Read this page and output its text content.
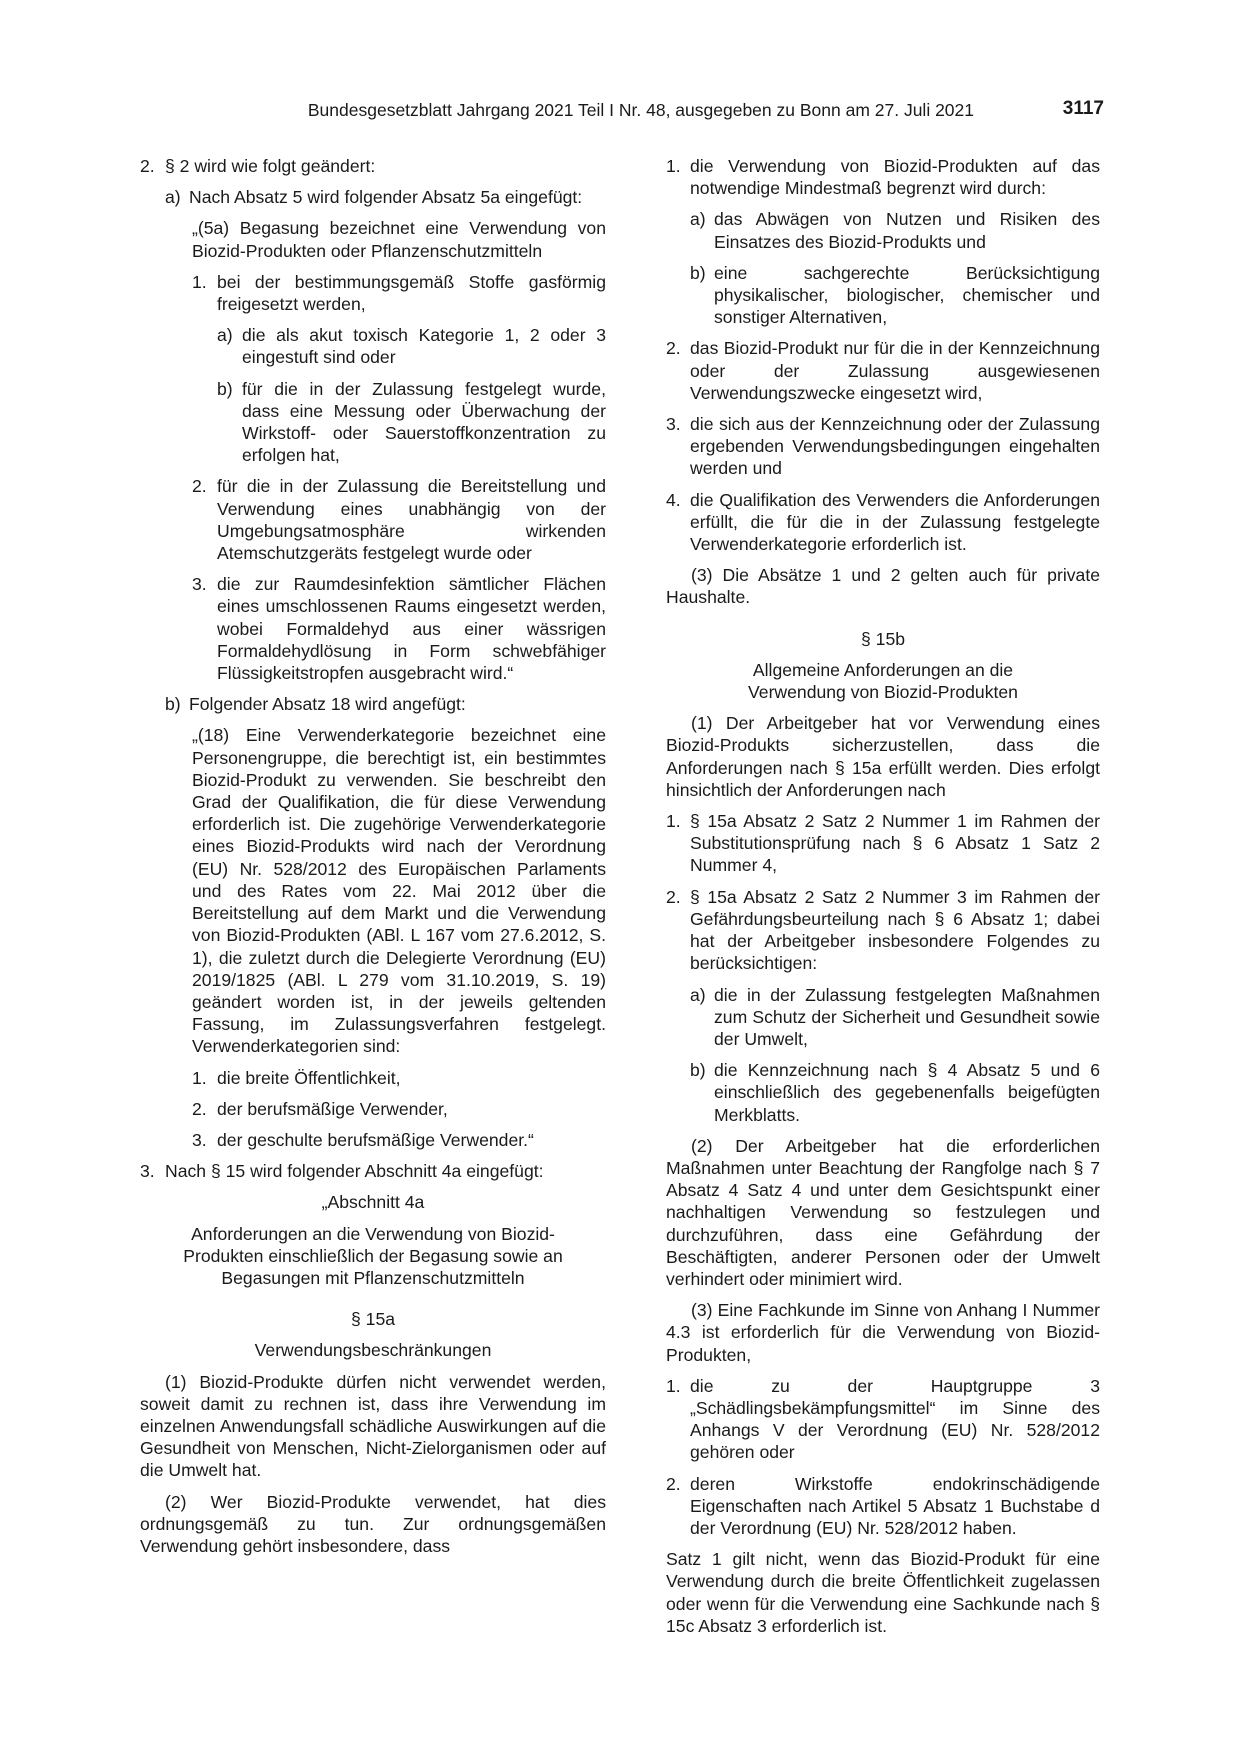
Bundesgesetzblatt Jahrgang 2021 Teil I Nr. 48, ausgegeben zu Bonn am 27. Juli 2021	3117
2. § 2 wird wie folgt geändert:
a) Nach Absatz 5 wird folgender Absatz 5a eingefügt:
„(5a) Begasung bezeichnet eine Verwendung von Biozid-Produkten oder Pflanzenschutzmitteln
1. bei der bestimmungsgemäß Stoffe gasförmig freigesetzt werden,
a) die als akut toxisch Kategorie 1, 2 oder 3 eingestuft sind oder
b) für die in der Zulassung festgelegt wurde, dass eine Messung oder Überwachung der Wirkstoff- oder Sauerstoffkonzentration zu erfolgen hat,
2. für die in der Zulassung die Bereitstellung und Verwendung eines unabhängig von der Umgebungsatmosphäre wirkenden Atemschutzgeräts festgelegt wurde oder
3. die zur Raumdesinfektion sämtlicher Flächen eines umschlossenen Raums eingesetzt werden, wobei Formaldehyd aus einer wässrigen Formaldehydlösung in Form schwebfähiger Flüssigkeitstropfen ausgebracht wird.“
b) Folgender Absatz 18 wird angefügt:
„(18) Eine Verwenderkategorie bezeichnet eine Personengruppe, die berechtigt ist, ein bestimmtes Biozid-Produkt zu verwenden. Sie beschreibt den Grad der Qualifikation, die für diese Verwendung erforderlich ist. Die zugehörige Verwenderkategorie eines Biozid-Produkts wird nach der Verordnung (EU) Nr. 528/2012 des Europäischen Parlaments und des Rates vom 22. Mai 2012 über die Bereitstellung auf dem Markt und die Verwendung von Biozid-Produkten (ABl. L 167 vom 27.6.2012, S. 1), die zuletzt durch die Delegierte Verordnung (EU) 2019/1825 (ABl. L 279 vom 31.10.2019, S. 19) geändert worden ist, in der jeweils geltenden Fassung, im Zulassungsverfahren festgelegt. Verwenderkategorien sind:
1. die breite Öffentlichkeit,
2. der berufsmäßige Verwender,
3. der geschulte berufsmäßige Verwender.“
3. Nach § 15 wird folgender Abschnitt 4a eingefügt:
„Abschnitt 4a
Anforderungen an die Verwendung von Biozid-Produkten einschließlich der Begasung sowie an Begasungen mit Pflanzenschutzmitteln
§ 15a
Verwendungsbeschränkungen
(1) Biozid-Produkte dürfen nicht verwendet werden, soweit damit zu rechnen ist, dass ihre Verwendung im einzelnen Anwendungsfall schädliche Auswirkungen auf die Gesundheit von Menschen, Nicht-Zielorganismen oder auf die Umwelt hat.
(2) Wer Biozid-Produkte verwendet, hat dies ordnungsgemäß zu tun. Zur ordnungsgemäßen Verwendung gehört insbesondere, dass
1. die Verwendung von Biozid-Produkten auf das notwendige Mindestmaß begrenzt wird durch:
a) das Abwägen von Nutzen und Risiken des Einsatzes des Biozid-Produkts und
b) eine sachgerechte Berücksichtigung physikalischer, biologischer, chemischer und sonstiger Alternativen,
2. das Biozid-Produkt nur für die in der Kennzeichnung oder der Zulassung ausgewiesenen Verwendungszwecke eingesetzt wird,
3. die sich aus der Kennzeichnung oder der Zulassung ergebenden Verwendungsbedingungen eingehalten werden und
4. die Qualifikation des Verwenders die Anforderungen erfüllt, die für die in der Zulassung festgelegte Verwenderkategorie erforderlich ist.
(3) Die Absätze 1 und 2 gelten auch für private Haushalte.
§ 15b
Allgemeine Anforderungen an die Verwendung von Biozid-Produkten
(1) Der Arbeitgeber hat vor Verwendung eines Biozid-Produkts sicherzustellen, dass die Anforderungen nach § 15a erfüllt werden. Dies erfolgt hinsichtlich der Anforderungen nach
1. § 15a Absatz 2 Satz 2 Nummer 1 im Rahmen der Substitutionsprüfung nach § 6 Absatz 1 Satz 2 Nummer 4,
2. § 15a Absatz 2 Satz 2 Nummer 3 im Rahmen der Gefährdungsbeurteilung nach § 6 Absatz 1; dabei hat der Arbeitgeber insbesondere Folgendes zu berücksichtigen:
a) die in der Zulassung festgelegten Maßnahmen zum Schutz der Sicherheit und Gesundheit sowie der Umwelt,
b) die Kennzeichnung nach § 4 Absatz 5 und 6 einschließlich des gegebenenfalls beigefügten Merkblatts.
(2) Der Arbeitgeber hat die erforderlichen Maßnahmen unter Beachtung der Rangfolge nach § 7 Absatz 4 Satz 4 und unter dem Gesichtspunkt einer nachhaltigen Verwendung so festzulegen und durchzuführen, dass eine Gefährdung der Beschäftigten, anderer Personen oder der Umwelt verhindert oder minimiert wird.
(3) Eine Fachkunde im Sinne von Anhang I Nummer 4.3 ist erforderlich für die Verwendung von Biozid-Produkten,
1. die zu der Hauptgruppe 3 „Schädlingsbekämpfungsmittel“ im Sinne des Anhangs V der Verordnung (EU) Nr. 528/2012 gehören oder
2. deren Wirkstoffe endokrinschädigende Eigenschaften nach Artikel 5 Absatz 1 Buchstabe d der Verordnung (EU) Nr. 528/2012 haben.
Satz 1 gilt nicht, wenn das Biozid-Produkt für eine Verwendung durch die breite Öffentlichkeit zugelassen oder wenn für die Verwendung eine Sachkunde nach § 15c Absatz 3 erforderlich ist.
